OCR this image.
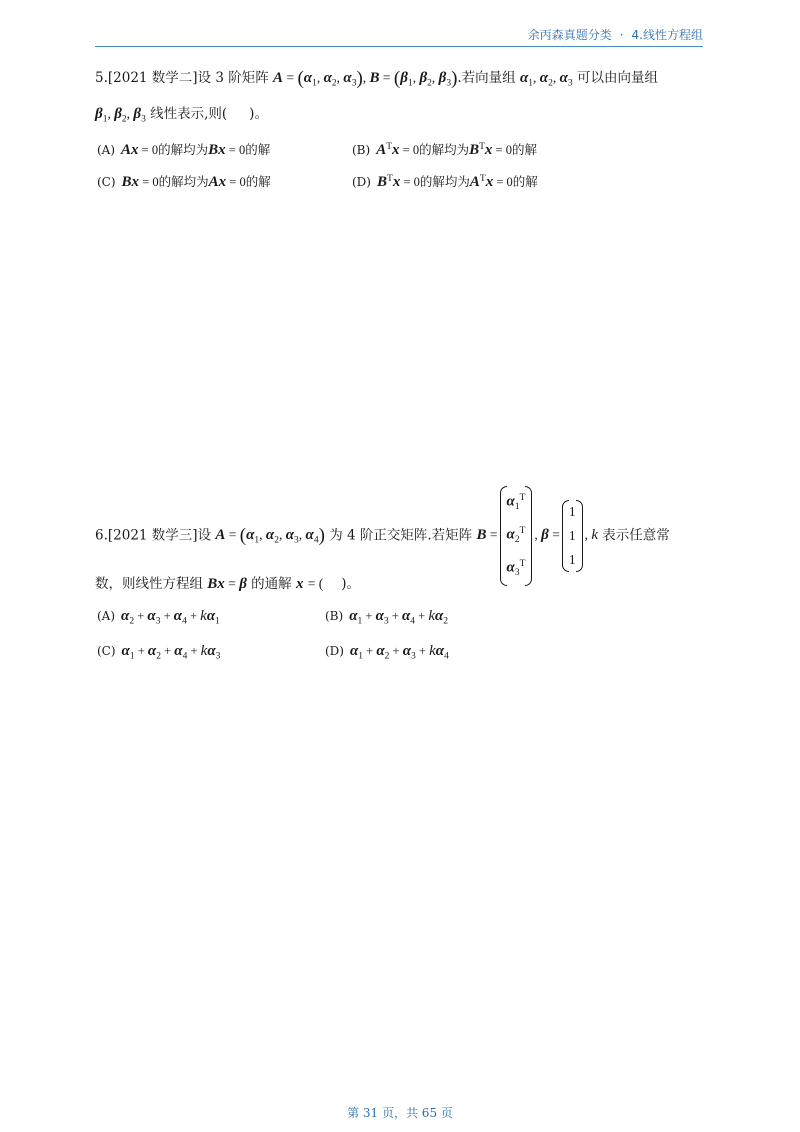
余丙森真题分类 · 4.线性方程组
5.[2021 数学二]设 3 阶矩阵 $A = (\alpha_1$, $\alpha_2$, $\alpha_3$), $B = (\beta_1$, $\beta_2$, $\beta_3$).若向量组 $\alpha_1$, $\alpha_2$, $\alpha_3$ 可以由向量组
$\beta_1$, $\beta_2$, $\beta_3$ 线性表示,则( )。
(A) Ax = 0的解均为Bx = 0的解	(B) $A^Tx = 0$的解均为$B^Tx = 0$的解
(C) Bx = 0的解均为Ax = 0的解	(D) $B^Tx = 0$的解均为$A^Tx = 0$的解
6.[2021 数学三]设 $A = (\alpha_1$, $\alpha_2$, $\alpha_3$, $\alpha_4$) 为 4 阶正交矩阵.若矩阵 B =
$\alpha_1^T$
$\alpha_2^T$
$\alpha_3^T$
, β =
1
1
1
, k 表示任意常
数，则线性方程组 Bx = β 的通解 x = ( )。
(A) $\alpha_2 + \alpha_3 + \alpha_4 + k\alpha_1$	(B) $\alpha_1 + \alpha_3 + \alpha_4 + k\alpha_2$
(C) $\alpha_1 + \alpha_2 + \alpha_4 + k\alpha_3$	(D) $\alpha_1 + \alpha_2 + \alpha_3 + k\alpha_4$
第 31 页，共 65 页
